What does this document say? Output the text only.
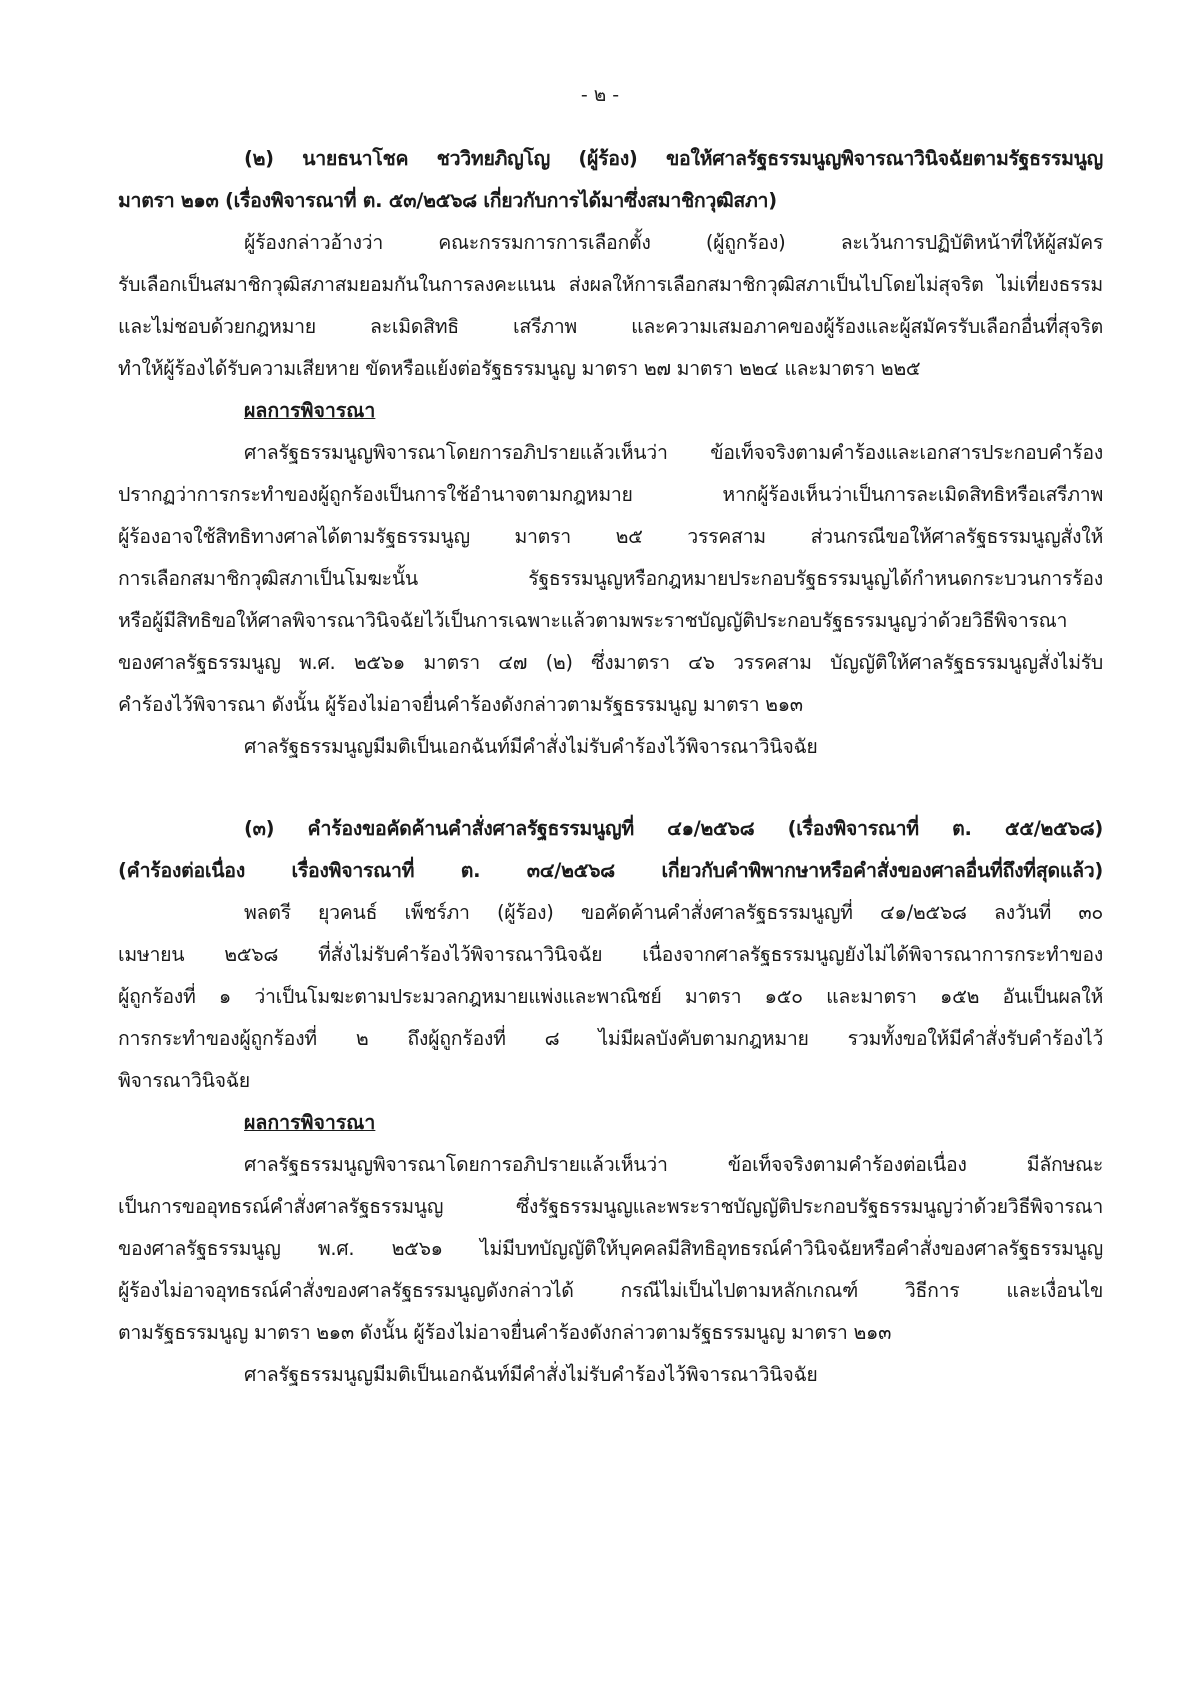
- ๒ -
(๒) นายธนาโชค ชววิทยภิญโญ (ผู้ร้อง) ขอให้ศาลรัฐธรรมนูญพิจารณาวินิจฉัยตามรัฐธรรมนูญ
มาตรา ๒๑๓ (เรื่องพิจารณาที่ ต. ๕๓/๒๕๖๘ เกี่ยวกับการได้มาซึ่งสมาชิกวุฒิสภา)
ผู้ร้องกล่าวอ้างว่า คณะกรรมการการเลือกตั้ง (ผู้ถูกร้อง) ละเว้นการปฏิบัติหน้าที่ให้ผู้สมัคร
รับเลือกเป็นสมาชิกวุฒิสภาสมยอมกันในการลงคะแนน ส่งผลให้การเลือกสมาชิกวุฒิสภาเป็นไปโดยไม่สุจริต ไม่เที่ยงธรรม
และไม่ชอบด้วยกฎหมาย ละเมิดสิทธิ เสรีภาพ และความเสมอภาคของผู้ร้องและผู้สมัครรับเลือกอื่นที่สุจริต
ทำให้ผู้ร้องได้รับความเสียหาย ขัดหรือแย้งต่อรัฐธรรมนูญ มาตรา ๒๗ มาตรา ๒๒๔ และมาตรา ๒๒๕
ผลการพิจารณา
ศาลรัฐธรรมนูญพิจารณาโดยการอภิปรายแล้วเห็นว่า ข้อเท็จจริงตามคำร้องและเอกสารประกอบคำร้อง
ปรากฏว่าการกระทำของผู้ถูกร้องเป็นการใช้อำนาจตามกฎหมาย หากผู้ร้องเห็นว่าเป็นการละเมิดสิทธิหรือเสรีภาพ
ผู้ร้องอาจใช้สิทธิทางศาลได้ตามรัฐธรรมนูญ มาตรา ๒๕ วรรคสาม ส่วนกรณีขอให้ศาลรัฐธรรมนูญสั่งให้
การเลือกสมาชิกวุฒิสภาเป็นโมฆะนั้น รัฐธรรมนูญหรือกฎหมายประกอบรัฐธรรมนูญได้กำหนดกระบวนการร้อง
หรือผู้มีสิทธิขอให้ศาลพิจารณาวินิจฉัยไว้เป็นการเฉพาะแล้วตามพระราชบัญญัติประกอบรัฐธรรมนูญว่าด้วยวิธีพิจารณา
ของศาลรัฐธรรมนูญ พ.ศ. ๒๕๖๑ มาตรา ๔๗ (๒) ซึ่งมาตรา ๔๖ วรรคสาม บัญญัติให้ศาลรัฐธรรมนูญสั่งไม่รับ
คำร้องไว้พิจารณา ดังนั้น ผู้ร้องไม่อาจยื่นคำร้องดังกล่าวตามรัฐธรรมนูญ มาตรา ๒๑๓
ศาลรัฐธรรมนูญมีมติเป็นเอกฉันท์มีคำสั่งไม่รับคำร้องไว้พิจารณาวินิจฉัย
(๓) คำร้องขอคัดค้านคำสั่งศาลรัฐธรรมนูญที่ ๔๑/๒๕๖๘ (เรื่องพิจารณาที่ ต. ๕๕/๒๕๖๘)
(คำร้องต่อเนื่อง เรื่องพิจารณาที่ ต. ๓๔/๒๕๖๘ เกี่ยวกับคำพิพากษาหรือคำสั่งของศาลอื่นที่ถึงที่สุดแล้ว)
พลตรี ยุวคนธ์ เพ็ชร์ภา (ผู้ร้อง) ขอคัดค้านคำสั่งศาลรัฐธรรมนูญที่ ๔๑/๒๕๖๘ ลงวันที่ ๓๐
เมษายน ๒๕๖๘ ที่สั่งไม่รับคำร้องไว้พิจารณาวินิจฉัย เนื่องจากศาลรัฐธรรมนูญยังไม่ได้พิจารณาการกระทำของ
ผู้ถูกร้องที่ ๑ ว่าเป็นโมฆะตามประมวลกฎหมายแพ่งและพาณิชย์ มาตรา ๑๕๐ และมาตรา ๑๕๒ อันเป็นผลให้
การกระทำของผู้ถูกร้องที่ ๒ ถึงผู้ถูกร้องที่ ๘ ไม่มีผลบังคับตามกฎหมาย รวมทั้งขอให้มีคำสั่งรับคำร้องไว้
พิจารณาวินิจฉัย
ผลการพิจารณา
ศาลรัฐธรรมนูญพิจารณาโดยการอภิปรายแล้วเห็นว่า ข้อเท็จจริงตามคำร้องต่อเนื่อง มีลักษณะ
เป็นการขออุทธรณ์คำสั่งศาลรัฐธรรมนูญ ซึ่งรัฐธรรมนูญและพระราชบัญญัติประกอบรัฐธรรมนูญว่าด้วยวิธีพิจารณา
ของศาลรัฐธรรมนูญ พ.ศ. ๒๕๖๑ ไม่มีบทบัญญัติให้บุคคลมีสิทธิอุทธรณ์คำวินิจฉัยหรือคำสั่งของศาลรัฐธรรมนูญ
ผู้ร้องไม่อาจอุทธรณ์คำสั่งของศาลรัฐธรรมนูญดังกล่าวได้ กรณีไม่เป็นไปตามหลักเกณฑ์ วิธีการ และเงื่อนไข
ตามรัฐธรรมนูญ มาตรา ๒๑๓ ดังนั้น ผู้ร้องไม่อาจยื่นคำร้องดังกล่าวตามรัฐธรรมนูญ มาตรา ๒๑๓
ศาลรัฐธรรมนูญมีมติเป็นเอกฉันท์มีคำสั่งไม่รับคำร้องไว้พิจารณาวินิจฉัย
